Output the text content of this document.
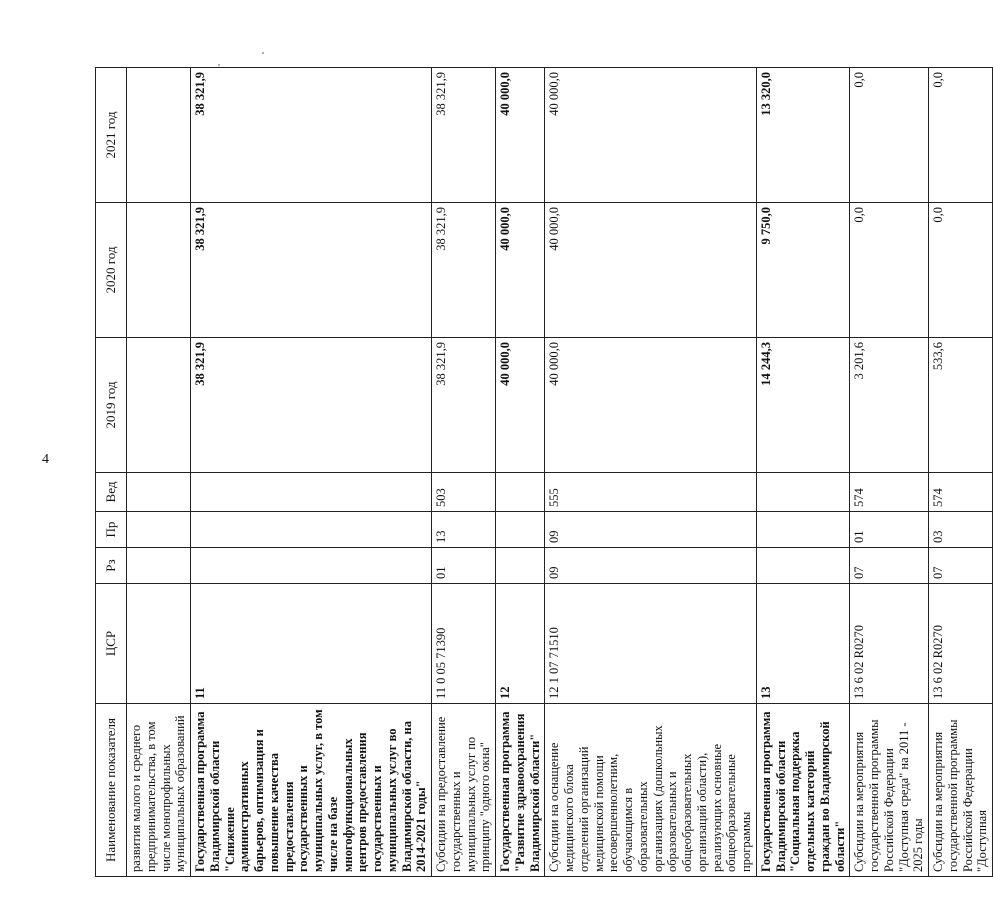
4
Наименование показателя	ЦСР	Рз	Пр	Вед	2019 год	2020 год	2021 год
развития малого и среднего предпринимательства, в том числе монопрофильных муниципальных образований							
Государственная программа Владимирской области "Снижение административных барьеров, оптимизация и повышение качества предоставления государственных и муниципальных услуг, в том числе на базе многофункциональных центров предоставления государственных и муниципальных услуг во Владимирской области, на 2014-2021 годы"	11				38 321,9	38 321,9	38 321,9
Субсидии на предоставление государственных и муниципальных услуг по принципу "одного окна"	11 0 05 71390	01	13	503	38 321,9	38 321,9	38 321,9
Государственная программа "Развитие здравоохранения Владимирской области"	12				40 000,0	40 000,0	40 000,0
Субсидии на оснащение медицинского блока отделений организаций медицинской помощи несовершеннолетним, обучающимся в образовательных организациях (дошкольных образовательных и общеобразовательных организаций области), реализующих основные общеобразовательные программы	12 1 07 71510	09	09	555	40 000,0	40 000,0	40 000,0
Государственная программа Владимирской области "Социальная поддержка отдельных категорий граждан во Владимирской области"	13				14 244,3	9 750,0	13 320,0
Субсидии на мероприятия государственной программы Российской Федерации "Доступная среда" на 2011 - 2025 годы	13 6 02 R0270	07	01	574	3 201,6	0,0	0,0
Субсидии на мероприятия государственной программы Российской Федерации "Доступная	13 6 02 R0270	07	03	574	533,6	0,0	0,0
